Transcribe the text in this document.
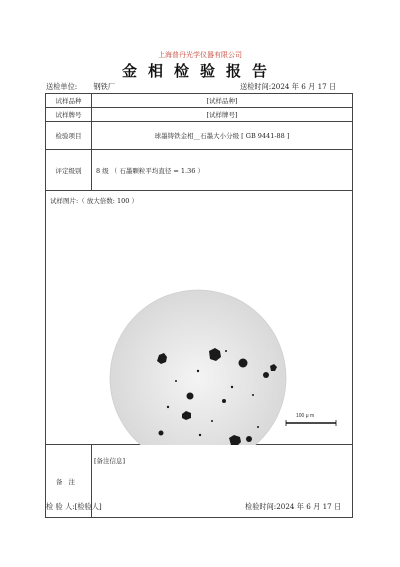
上海普丹光学仪器有限公司
金相检验报告
送检单位: 钢铁厂	送检时间:2024 年 6 月 17 日
试样品种	[试样品种]
试样牌号	[试样牌号]
检验项目	球墨铸铁金相__石墨大小分级 [ GB 9441-88 ]
评定级别	8 级 （ 石墨颗粒平均直径 = 1.36 ）
试样图片:（ 放大倍数: 100 ）
100 μ m
备注
[备注信息]
检 验 人:[检验人]	检验时间:2024 年 6 月 17 日
